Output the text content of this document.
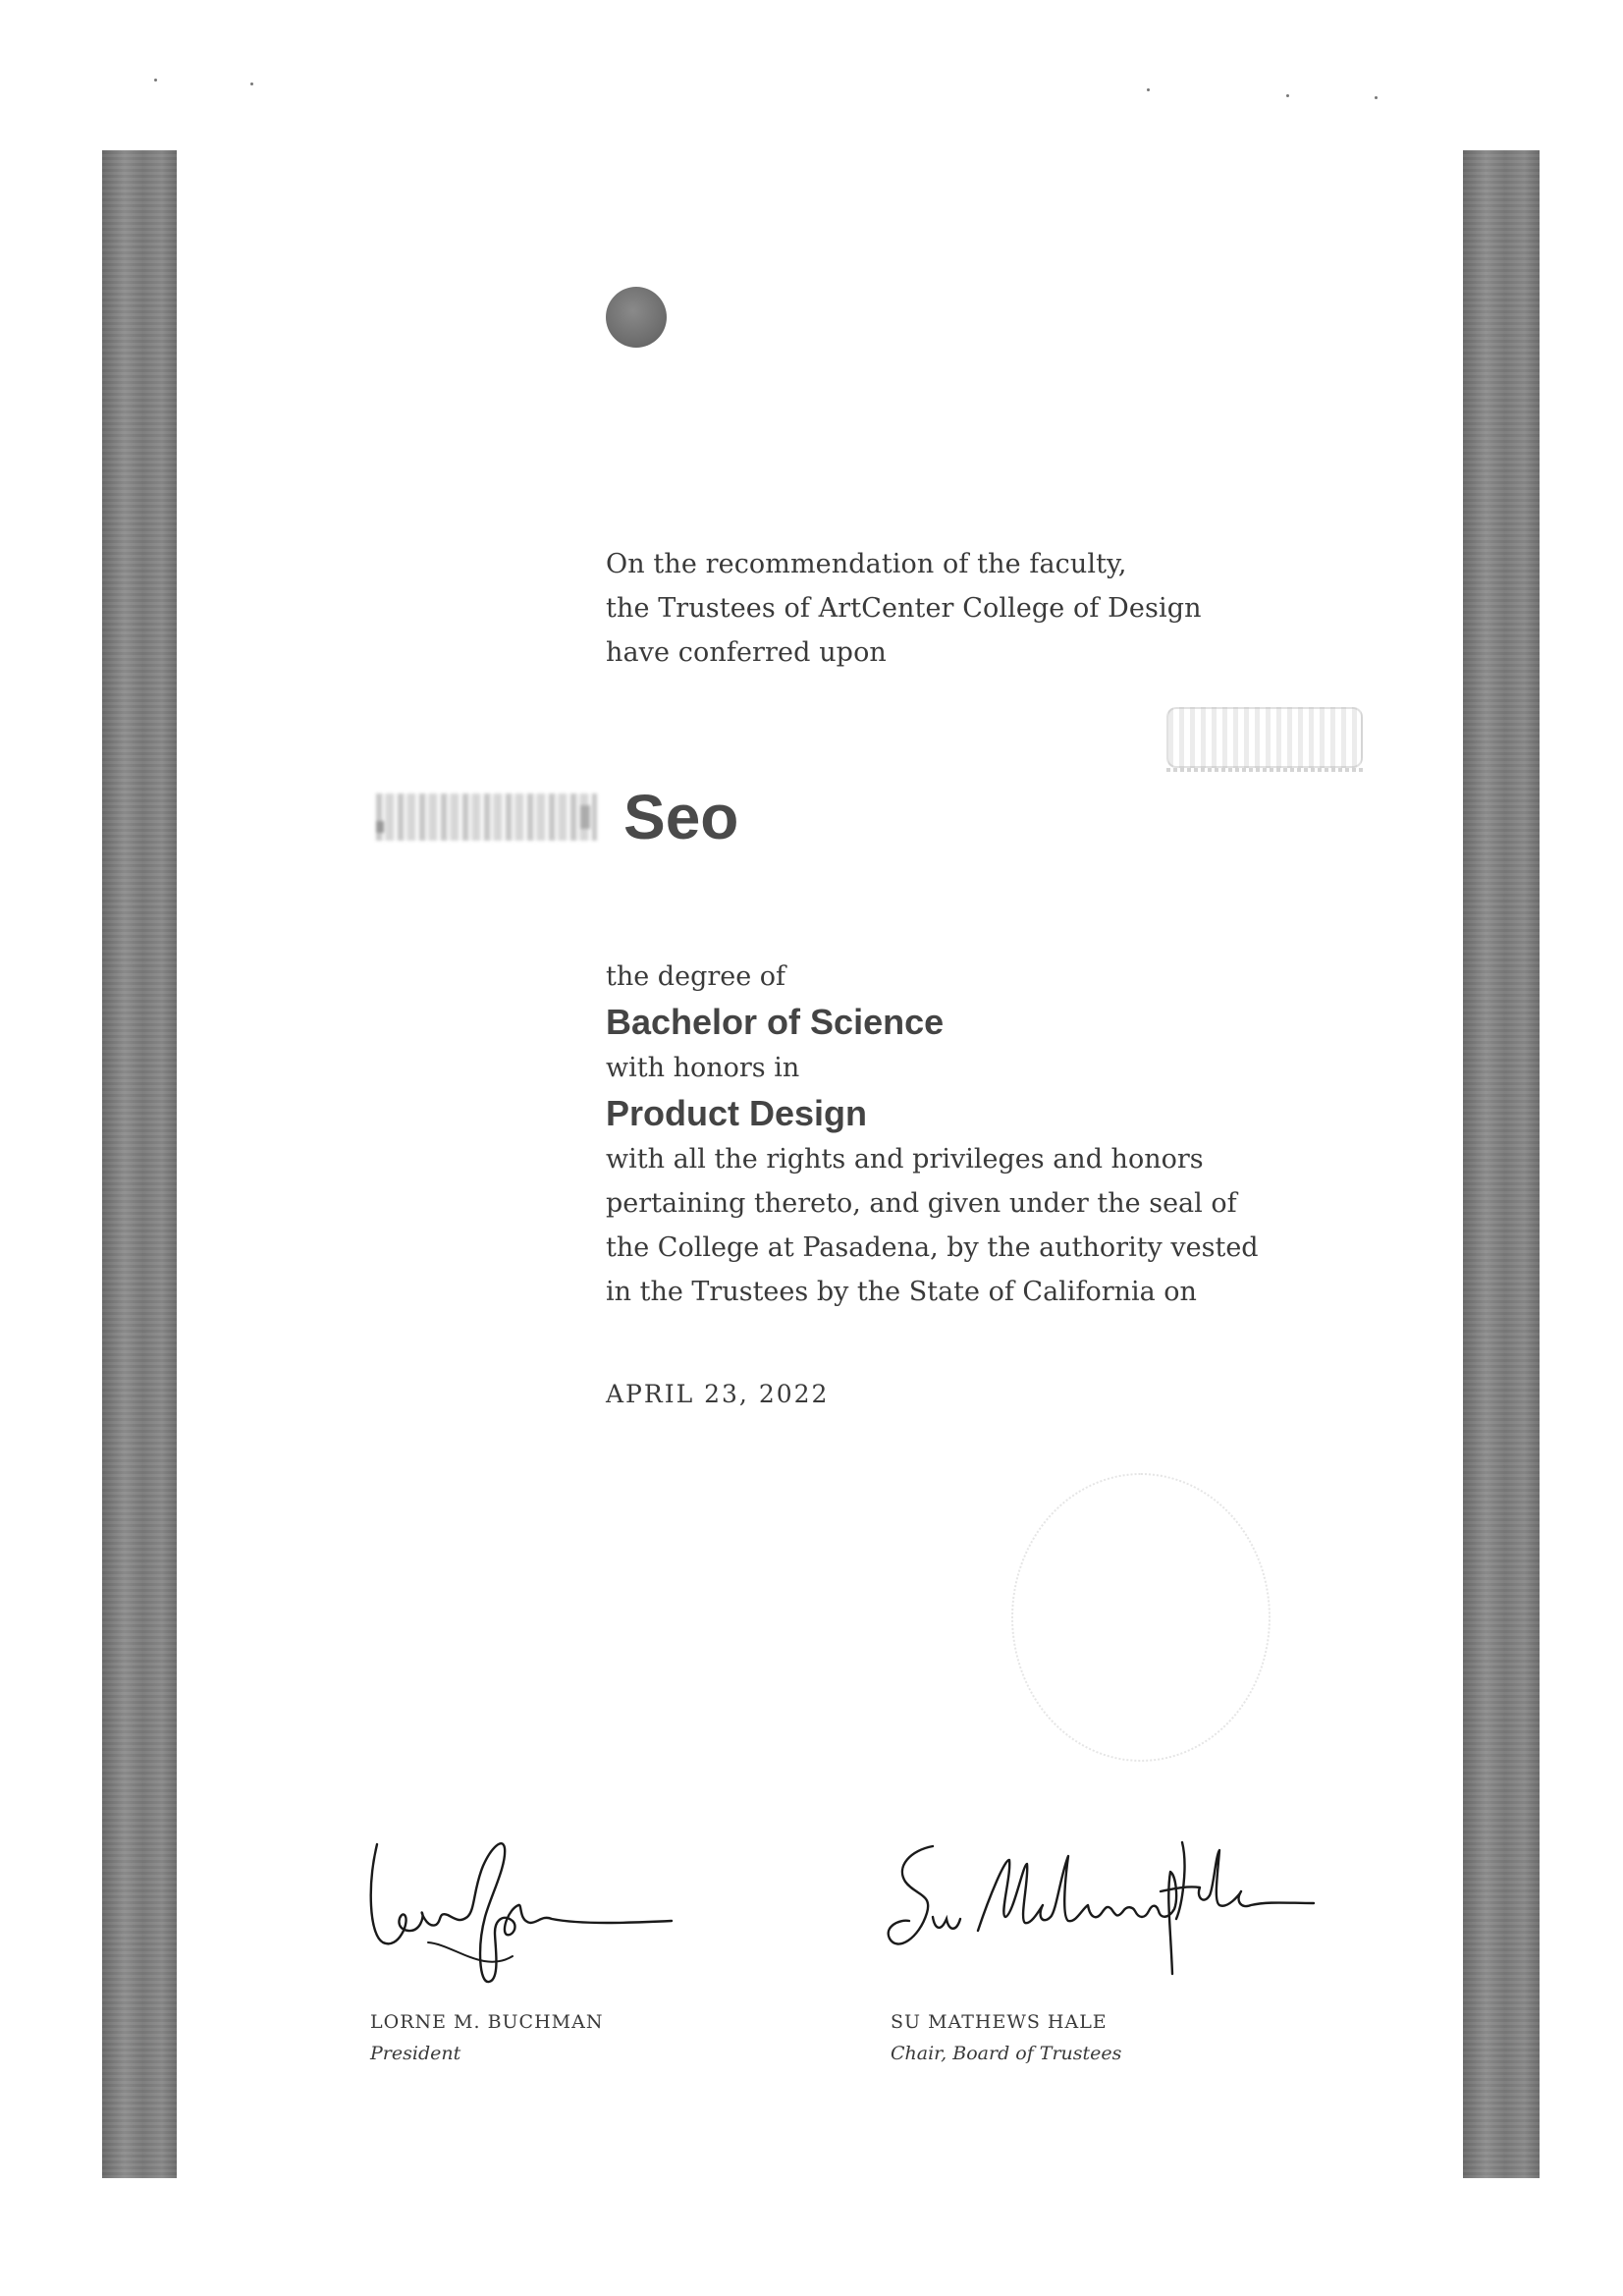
On the recommendation of the faculty,
the Trustees of ArtCenter College of Design
have conferred upon
Seo
the degree of
Bachelor of Science
with honors in
Product Design
with all the rights and privileges and honors
pertaining thereto, and given under the seal of
the College at Pasadena, by the authority vested
in the Trustees by the State of California on
APRIL 23, 2022
LORNE M. BUCHMAN
President
SU MATHEWS HALE
Chair, Board of Trustees
